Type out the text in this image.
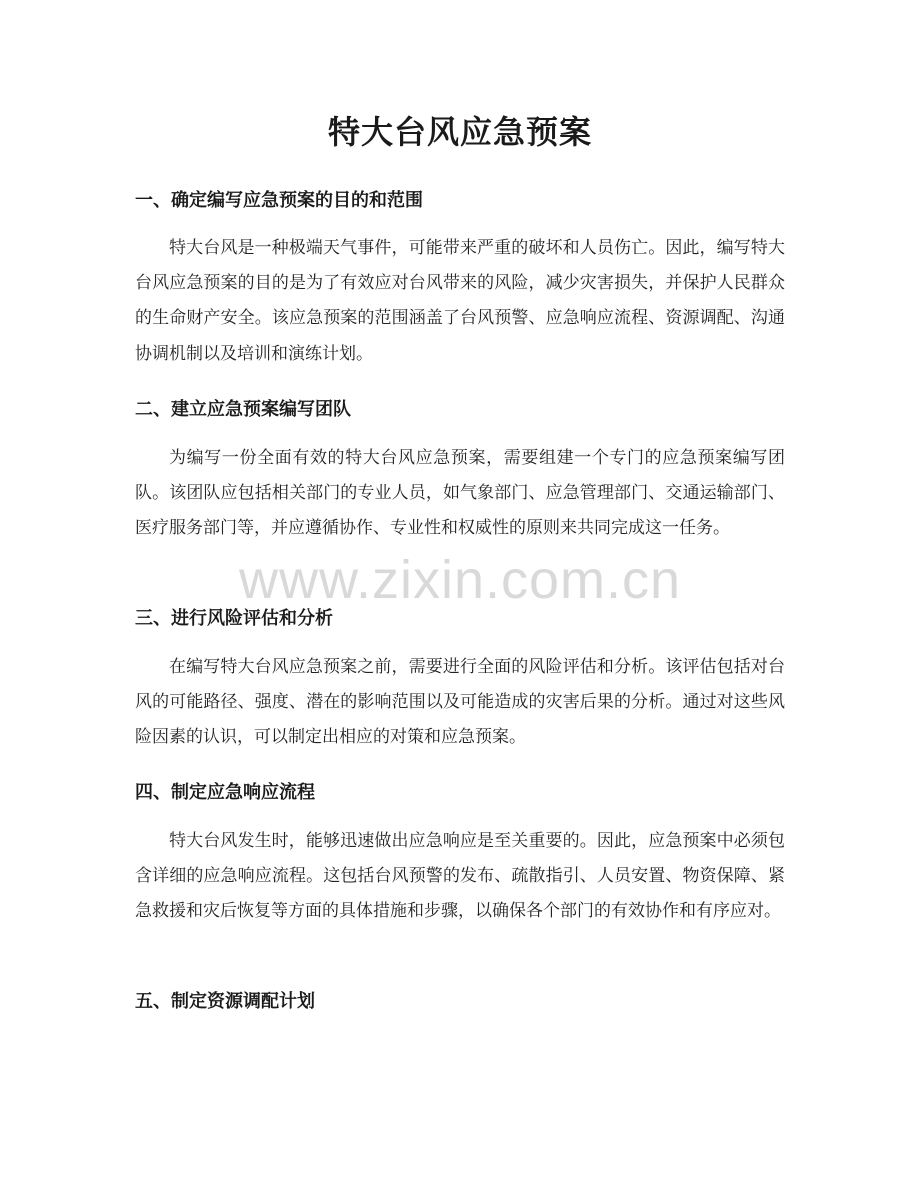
特大台风应急预案
一、确定编写应急预案的目的和范围

特大台风是一种极端天气事件，可能带来严重的破坏和人员伤亡。因此，编写特大台风应急预案的目的是为了有效应对台风带来的风险，减少灾害损失，并保护人民群众的生命财产安全。该应急预案的范围涵盖了台风预警、应急响应流程、资源调配、沟通协调机制以及培训和演练计划。

二、建立应急预案编写团队

为编写一份全面有效的特大台风应急预案，需要组建一个专门的应急预案编写团队。该团队应包括相关部门的专业人员，如气象部门、应急管理部门、交通运输部门、医疗服务部门等，并应遵循协作、专业性和权威性的原则来共同完成这一任务。

三、进行风险评估和分析

在编写特大台风应急预案之前，需要进行全面的风险评估和分析。该评估包括对台风的可能路径、强度、潜在的影响范围以及可能造成的灾害后果的分析。通过对这些风险因素的认识，可以制定出相应的对策和应急预案。

四、制定应急响应流程

特大台风发生时，能够迅速做出应急响应是至关重要的。因此，应急预案中必须包含详细的应急响应流程。这包括台风预警的发布、疏散指引、人员安置、物资保障、紧急救援和灾后恢复等方面的具体措施和步骤，以确保各个部门的有效协作和有序应对。

五、制定资源调配计划
www.zixin.com.cn
